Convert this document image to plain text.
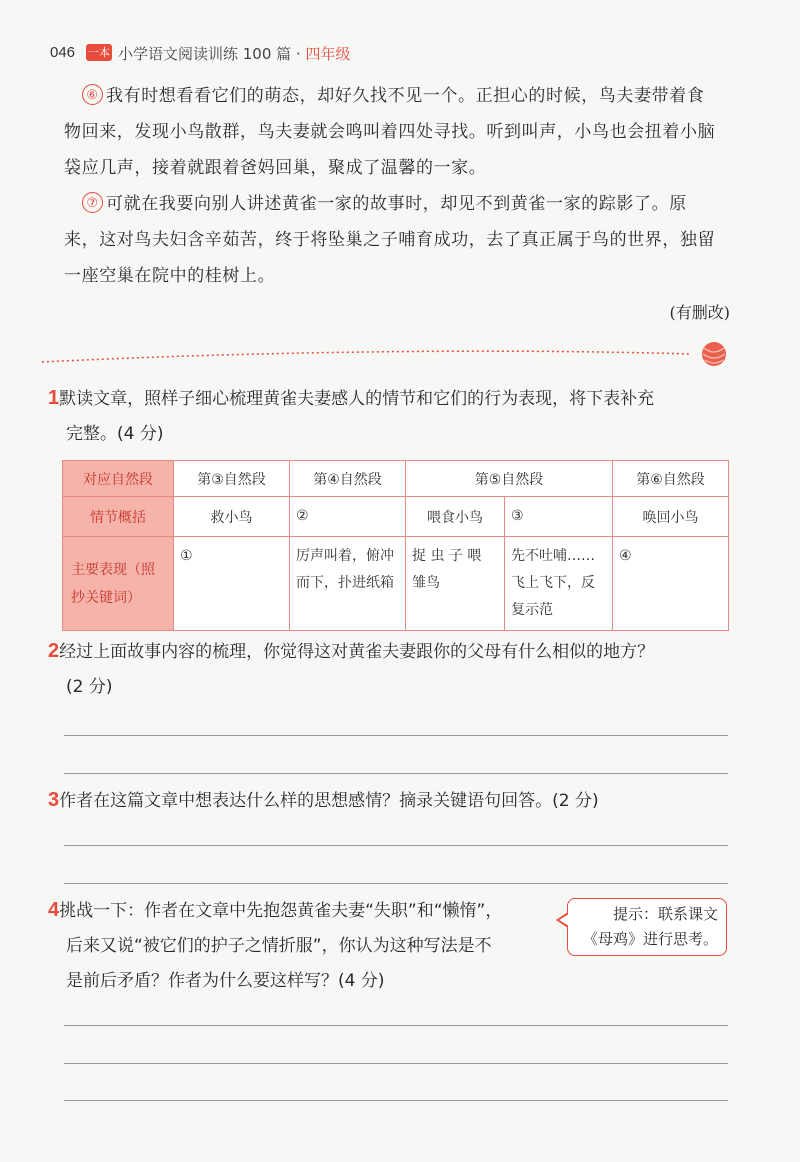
046 一本 小学语文阅读训练 100 篇 · 四年级
⑥ 我有时想看看它们的萌态，却好久找不见一个。正担心的时候，鸟夫妻带着食
物回来，发现小鸟散群，鸟夫妻就会鸣叫着四处寻找。听到叫声，小鸟也会扭着小脑
袋应几声，接着就跟着爸妈回巢，聚成了温馨的一家。
⑦ 可就在我要向别人讲述黄雀一家的故事时，却见不到黄雀一家的踪影了。原
来，这对鸟夫妇含辛茹苦，终于将坠巢之子哺育成功，去了真正属于鸟的世界，独留
一座空巢在院中的桂树上。
(有删改)
1默读文章，照样子细心梳理黄雀夫妻感人的情节和它们的行为表现，将下表补充
完整。(4 分)
对应自然段	第③自然段	第④自然段	第⑤自然段		第⑥自然段
情节概括	救小鸟	②	喂食小鸟	③	唤回小鸟

主要表现（照
抄关键词）	①	厉声叫着，俯冲而下，扑进纸箱	捉 虫 子 喂 雏鸟	先不吐哺……飞上飞下，反复示范	④
2经过上面故事内容的梳理，你觉得这对黄雀夫妻跟你的父母有什么相似的地方？
(2 分)
3作者在这篇文章中想表达什么样的思想感情？摘录关键语句回答。(2 分)
4挑战一下：作者在文章中先抱怨黄雀夫妻“失职”和“懒惰”，
后来又说“被它们的护子之情折服”，你认为这种写法是不
是前后矛盾？作者为什么要这样写？(4 分)
提示：联系课文
《母鸡》进行思考。
